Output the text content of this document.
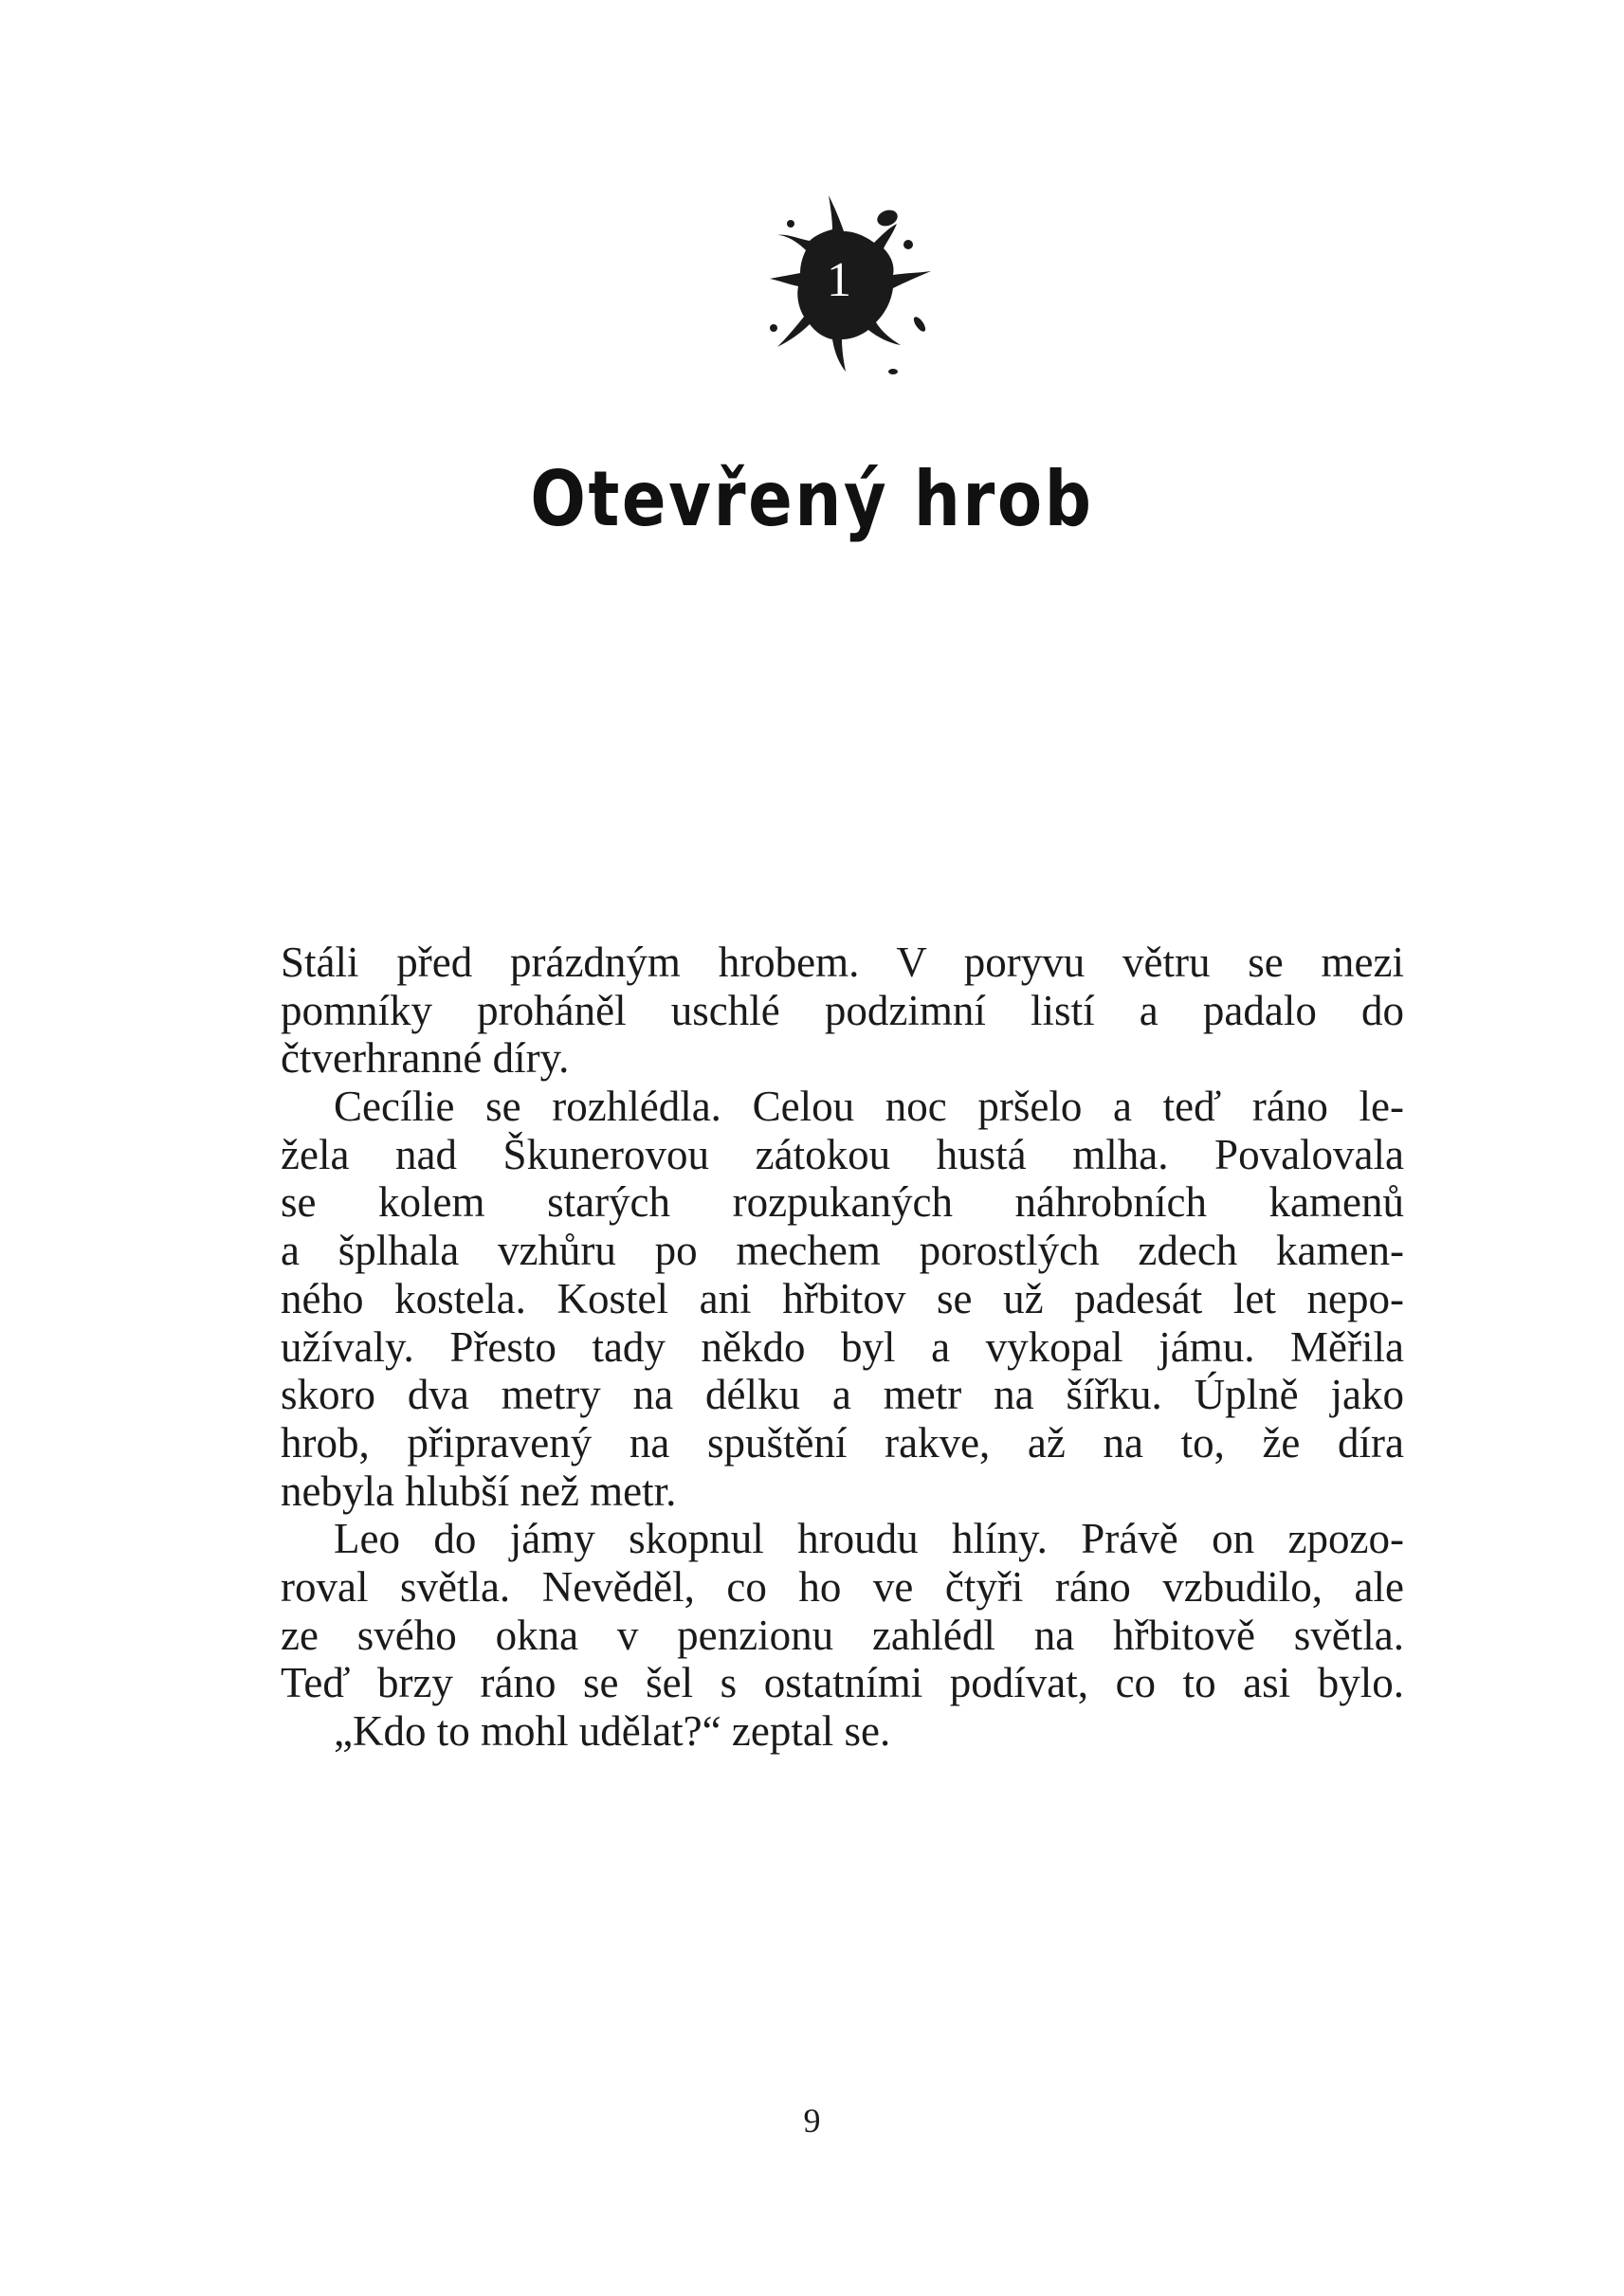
1
Otevřený hrob
Stáli před prázdným hrobem. V poryvu větru se mezi
pomníky proháněl uschlé podzimní listí a padalo do
čtverhranné díry.
Cecílie se rozhlédla. Celou noc pršelo a teď ráno le-
žela nad Škunerovou zátokou hustá mlha. Povalovala
se kolem starých rozpukaných náhrobních kamenů
a šplhala vzhůru po mechem porostlých zdech kamen-
ného kostela. Kostel ani hřbitov se už padesát let nepo-
užívaly. Přesto tady někdo byl a vykopal jámu. Měřila
skoro dva metry na délku a metr na šířku. Úplně jako
hrob, připravený na spuštění rakve, až na to, že díra
nebyla hlubší než metr.
Leo do jámy skopnul hroudu hlíny. Právě on zpozo-
roval světla. Nevěděl, co ho ve čtyři ráno vzbudilo, ale
ze svého okna v penzionu zahlédl na hřbitově světla.
Teď brzy ráno se šel s ostatními podívat, co to asi bylo.
„Kdo to mohl udělat?“ zeptal se.
9
